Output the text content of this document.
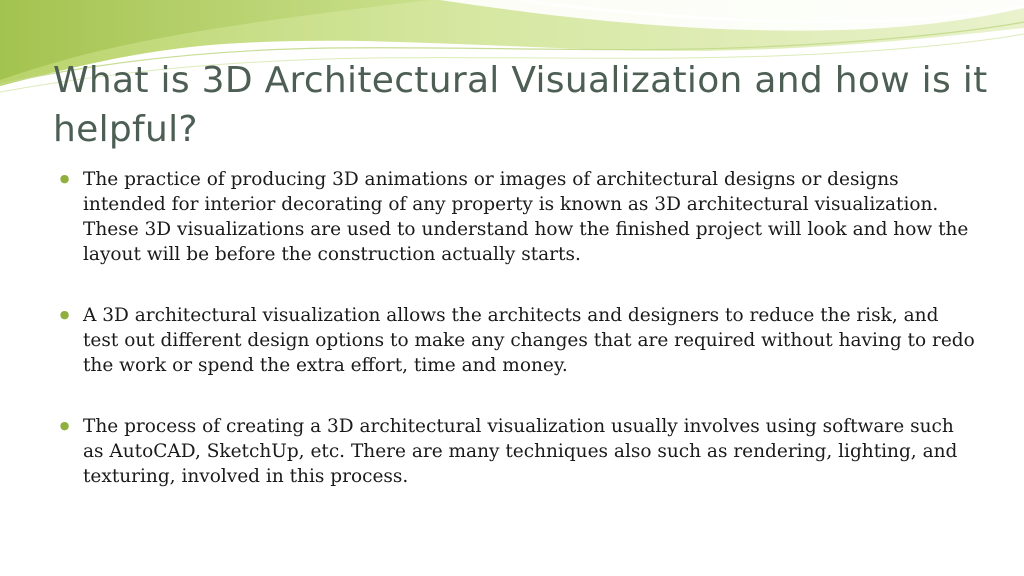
What is 3D Architectural Visualization and how is it helpful?
● The practice of producing 3D animations or images of architectural designs or designs intended for interior decorating of any property is known as 3D architectural visualization. These 3D visualizations are used to understand how the finished project will look and how the layout will be before the construction actually starts.
● A 3D architectural visualization allows the architects and designers to reduce the risk, and test out different design options to make any changes that are required without having to redo the work or spend the extra effort, time and money.
● The process of creating a 3D architectural visualization usually involves using software such as AutoCAD, SketchUp, etc. There are many techniques also such as rendering, lighting, and texturing, involved in this process.
